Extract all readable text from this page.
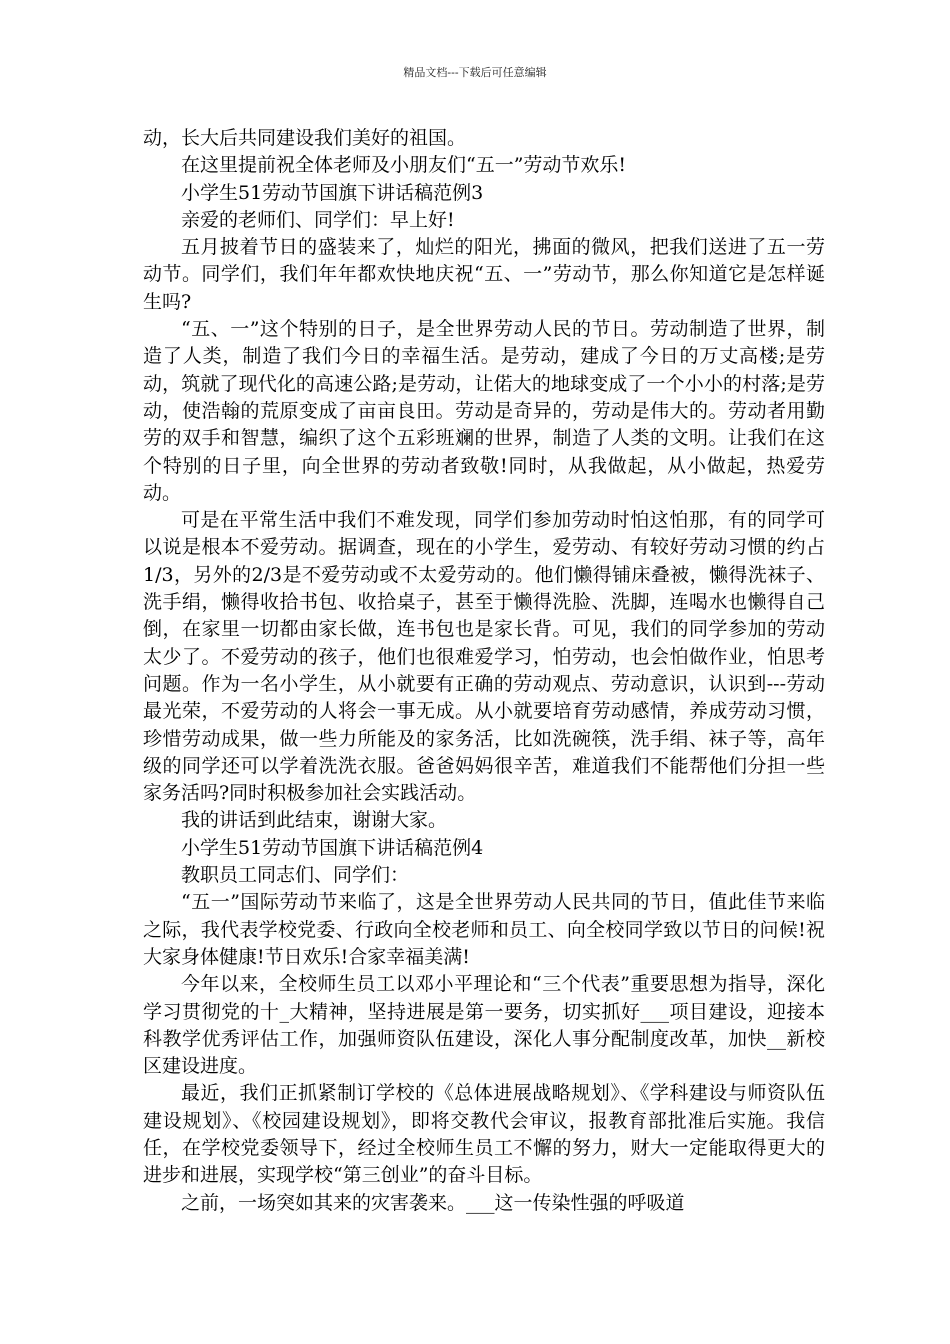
精品文档---下载后可任意编辑

动，长大后共同建设我们美好的祖国。

在这里提前祝全体老师及小朋友们“五一”劳动节欢乐!

小学生51劳动节国旗下讲话稿范例3

亲爱的老师们、同学们：早上好!

五月披着节日的盛装来了，灿烂的阳光，拂面的微风，把我们送进了五一劳动节。同学们，我们年年都欢快地庆祝“五、一”劳动节，那么你知道它是怎样诞生吗?

“五、一”这个特别的日子，是全世界劳动人民的节日。劳动制造了世界，制造了人类，制造了我们今日的幸福生活。是劳动，建成了今日的万丈高楼;是劳动，筑就了现代化的高速公路;是劳动，让偌大的地球变成了一个小小的村落;是劳动，使浩翰的荒原变成了亩亩良田。劳动是奇异的，劳动是伟大的。劳动者用勤劳的双手和智慧，编织了这个五彩班斓的世界，制造了人类的文明。让我们在这个特别的日子里，向全世界的劳动者致敬!同时，从我做起，从小做起，热爱劳动。

可是在平常生活中我们不难发现，同学们参加劳动时怕这怕那，有的同学可以说是根本不爱劳动。据调查，现在的小学生，爱劳动、有较好劳动习惯的约占1/3，另外的2/3是不爱劳动或不太爱劳动的。他们懒得铺床叠被，懒得洗袜子、洗手绢，懒得收拾书包、收拾桌子，甚至于懒得洗脸、洗脚，连喝水也懒得自己倒，在家里一切都由家长做，连书包也是家长背。可见，我们的同学参加的劳动太少了。不爱劳动的孩子，他们也很难爱学习，怕劳动，也会怕做作业，怕思考问题。作为一名小学生，从小就要有正确的劳动观点、劳动意识，认识到---劳动最光荣，不爱劳动的人将会一事无成。从小就要培育劳动感情，养成劳动习惯，珍惜劳动成果，做一些力所能及的家务活，比如洗碗筷，洗手绢、袜子等，高年级的同学还可以学着洗洗衣服。爸爸妈妈很辛苦，难道我们不能帮他们分担一些家务活吗?同时积极参加社会实践活动。

我的讲话到此结束，谢谢大家。

小学生51劳动节国旗下讲话稿范例4

教职员工同志们、同学们：

“五一”国际劳动节来临了，这是全世界劳动人民共同的节日，值此佳节来临之际，我代表学校党委、行政向全校老师和员工、向全校同学致以节日的问候!祝大家身体健康!节日欢乐!合家幸福美满!

今年以来，全校师生员工以邓小平理论和“三个代表”重要思想为指导，深化学习贯彻党的十_大精神，坚持进展是第一要务，切实抓好___项目建设，迎接本科教学优秀评估工作，加强师资队伍建设，深化人事分配制度改革，加快__新校区建设进度。

最近，我们正抓紧制订学校的《总体进展战略规划》、《学科建设与师资队伍建设规划》、《校园建设规划》，即将交教代会审议，报教育部批准后实施。我信任，在学校党委领导下，经过全校师生员工不懈的努力，财大一定能取得更大的进步和进展，实现学校“第三创业”的奋斗目标。

之前，一场突如其来的灾害袭来。___这一传染性强的呼吸道
